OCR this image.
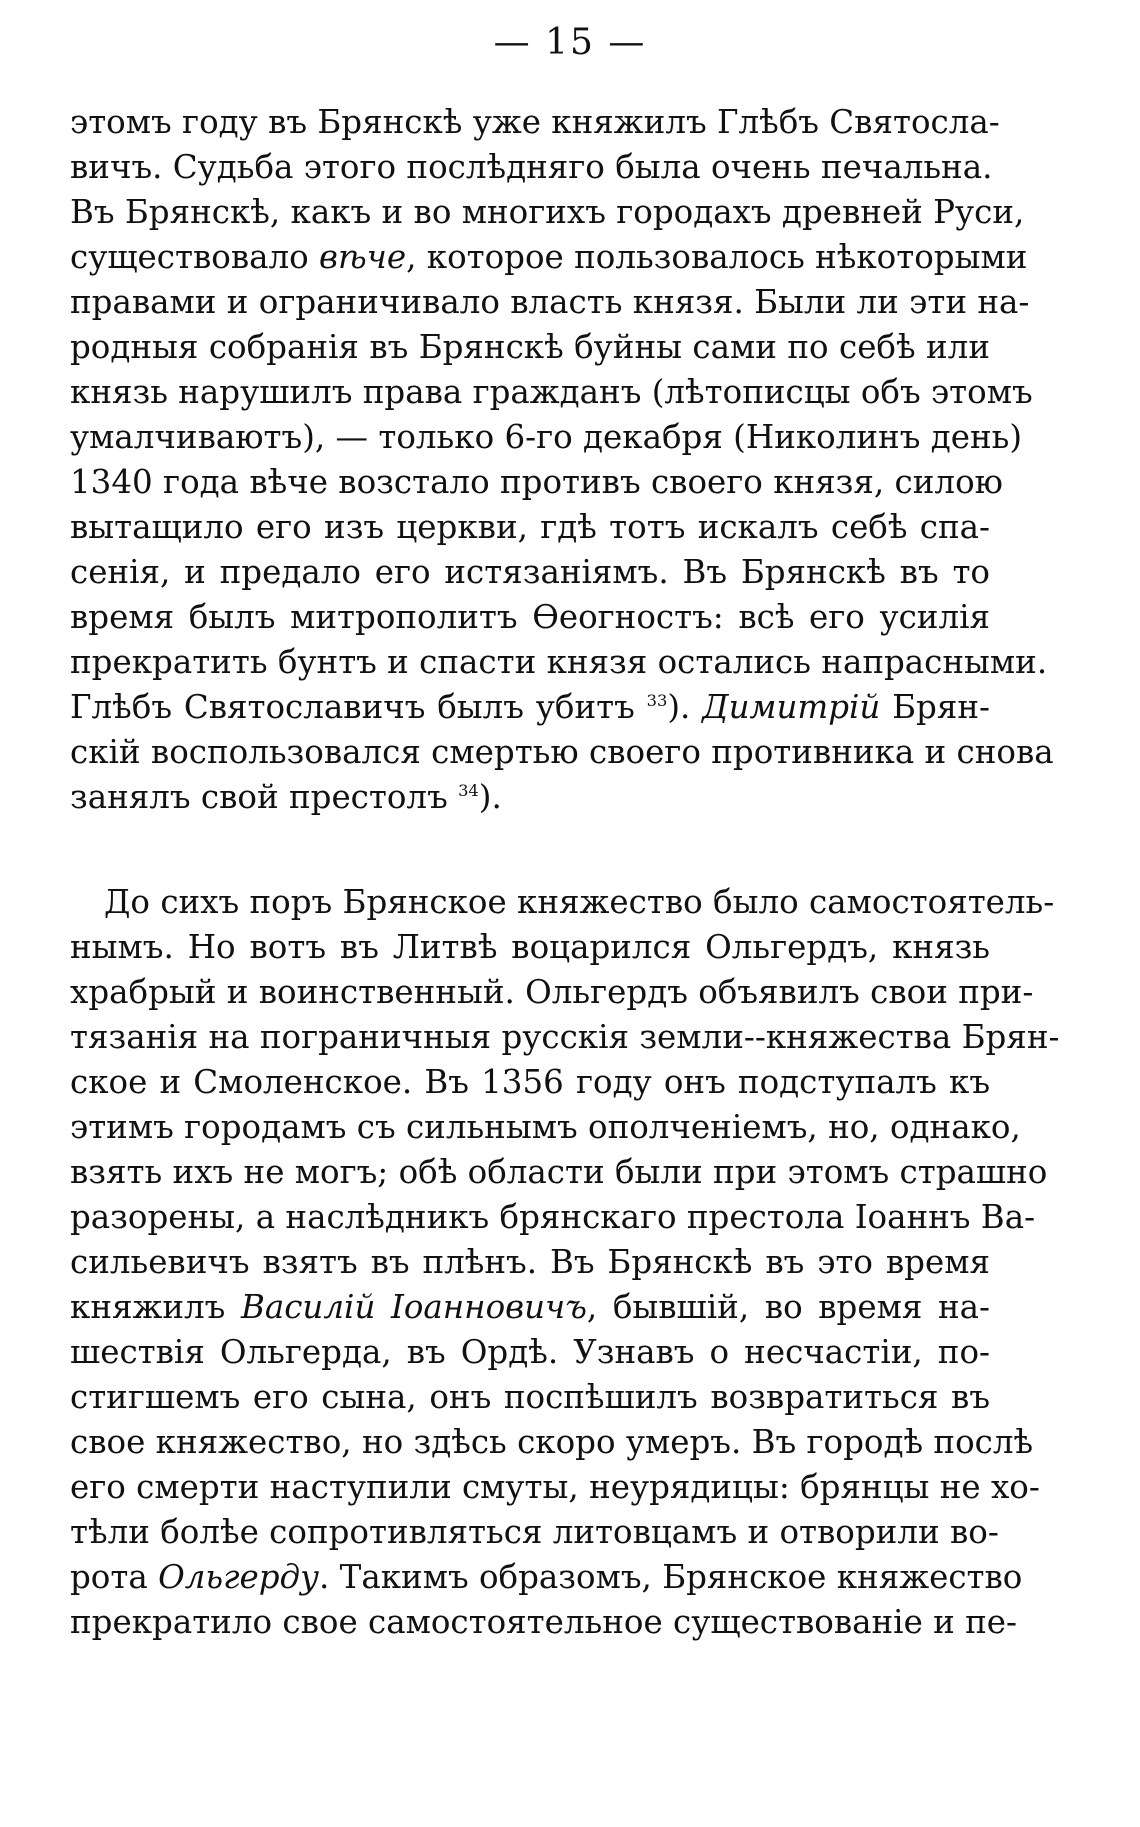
— 15 —
этомъ году въ Брянскѣ уже княжилъ Глѣбъ Святосла-
вичъ. Судьба этого послѣдняго была очень печальна.
Въ Брянскѣ, какъ и во многихъ городахъ древней Руси,
существовало вѣче, которое пользовалось нѣкоторыми
правами и ограничивало власть князя. Были ли эти на-
родныя собранія въ Брянскѣ буйны сами по себѣ или
князь нарушилъ права гражданъ (лѣтописцы объ этомъ
умалчиваютъ), — только 6-го декабря (Николинъ день)
1340 года вѣче возстало противъ своего князя, силою
вытащило его изъ церкви, гдѣ тотъ искалъ себѣ спа-
сенія, и предало его истязаніямъ. Въ Брянскѣ въ то
время былъ митрополитъ Ѳеогностъ: всѣ его усилія
прекратить бунтъ и спасти князя остались напрасными.
Глѣбъ Святославичъ былъ убитъ $^{33}$). Димитрій Брян-
скій воспользовался смертью своего противника и снова
занялъ свой престолъ $^{34}$).
До сихъ поръ Брянское княжество было самостоятель-
нымъ. Но вотъ въ Литвѣ воцарился Ольгердъ, князь
храбрый и воинственный. Ольгердъ объявилъ свои при-
тязанія на пограничныя русскія земли--княжества Брян-
ское и Смоленское. Въ 1356 году онъ подступалъ къ
этимъ городамъ съ сильнымъ ополченіемъ, но, однако,
взять ихъ не могъ; обѣ области были при этомъ страшно
разорены, а наслѣдникъ брянскаго престола Іоаннъ Ва-
сильевичъ взятъ въ плѣнъ. Въ Брянскѣ въ это время
княжилъ Василій Іоанновичъ, бывшій, во время на-
шествія Ольгерда, въ Ордѣ. Узнавъ о несчастіи, по-
стигшемъ его сына, онъ поспѣшилъ возвратиться въ
свое княжество, но здѣсь скоро умеръ. Въ городѣ послѣ
его смерти наступили смуты, неурядицы: брянцы не хо-
тѣли болѣе сопротивляться литовцамъ и отворили во-
рота Ольгерду. Такимъ образомъ, Брянское княжество
прекратило свое самостоятельное существованіе и пе-
